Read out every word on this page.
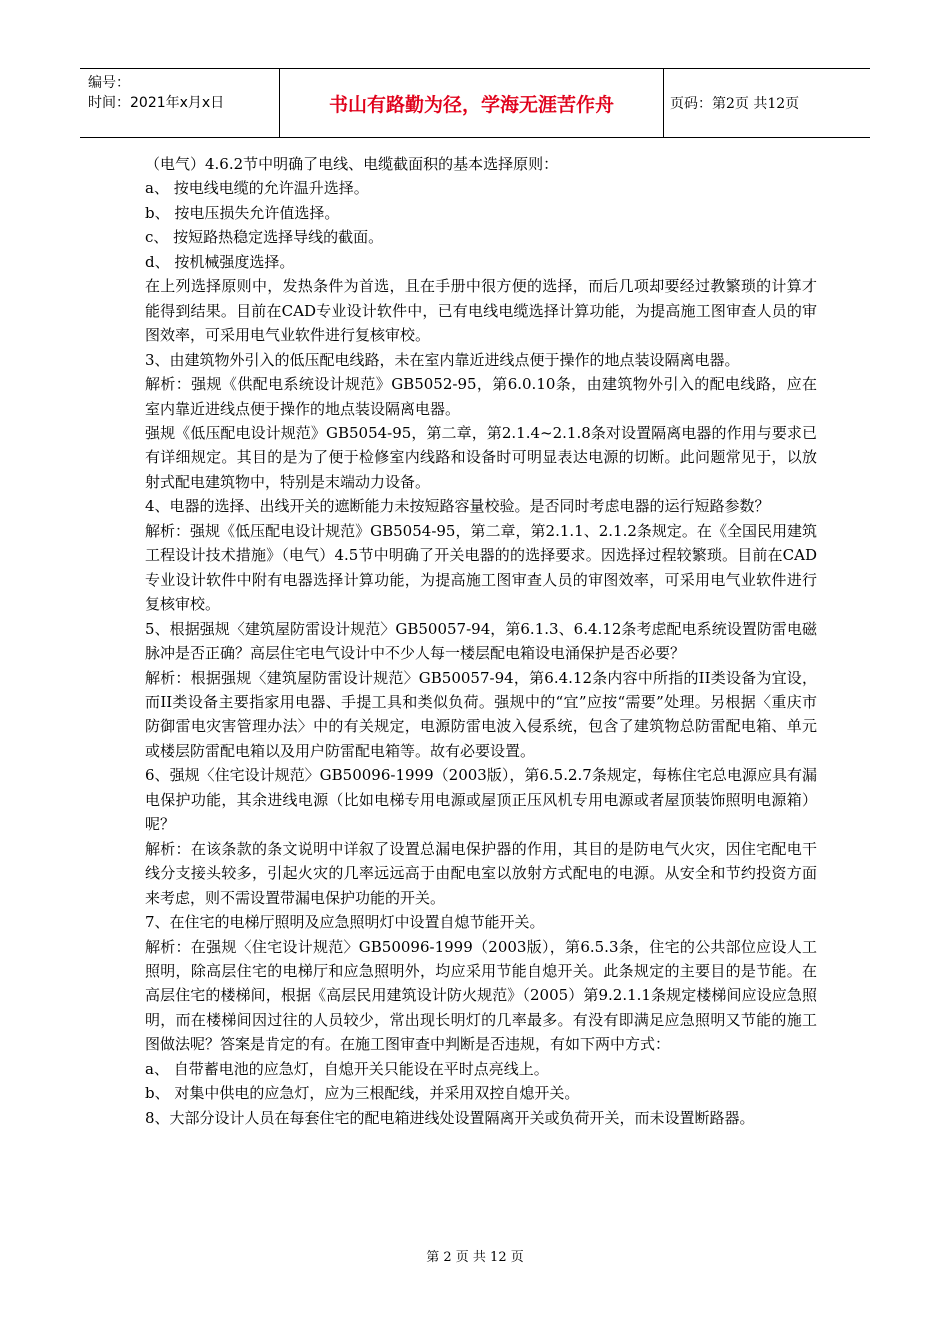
编号：
时间：2021年x月x日	书山有路勤为径，学海无涯苦作舟	页码：第2页 共12页

（电气）4.6.2节中明确了电线、电缆截面积的基本选择原则：

a、 按电线电缆的允许温升选择。

b、 按电压损失允许值选择。

c、 按短路热稳定选择导线的截面。

d、 按机械强度选择。

在上列选择原则中，发热条件为首选，且在手册中很方便的选择，而后几项却要经过教繁琐的计算才能得到结果。目前在CAD专业设计软件中，已有电线电缆选择计算功能，为提高施工图审查人员的审图效率，可采用电气业软件进行复核审校。

3、由建筑物外引入的低压配电线路，未在室内靠近进线点便于操作的地点装设隔离电器。

解析：强规《供配电系统设计规范》GB5052-95，第6.0.10条，由建筑物外引入的配电线路，应在室内靠近进线点便于操作的地点装设隔离电器。

强规《低压配电设计规范》GB5054-95，第二章，第2.1.4~2.1.8条对设置隔离电器的作用与要求已有详细规定。其目的是为了便于检修室内线路和设备时可明显表达电源的切断。此问题常见于，以放射式配电建筑物中，特别是末端动力设备。

4、电器的选择、出线开关的遮断能力未按短路容量校验。是否同时考虑电器的运行短路参数？

解析：强规《低压配电设计规范》GB5054-95，第二章，第2.1.1、2.1.2条规定。在《全国民用建筑工程设计技术措施》（电气）4.5节中明确了开关电器的的选择要求。因选择过程较繁琐。目前在CAD专业设计软件中附有电器选择计算功能，为提高施工图审查人员的审图效率，可采用电气业软件进行复核审校。

5、根据强规〈建筑屋防雷设计规范〉GB50057-94，第6.1.3、6.4.12条考虑配电系统设置防雷电磁脉冲是否正确？高层住宅电气设计中不少人每一楼层配电箱设电涌保护是否必要？

解析：根据强规〈建筑屋防雷设计规范〉GB50057-94，第6.4.12条内容中所指的II类设备为宜设，而II类设备主要指家用电器、手提工具和类似负荷。强规中的“宜”应按“需要”处理。另根据〈重庆市防御雷电灾害管理办法〉中的有关规定，电源防雷电波入侵系统，包含了建筑物总防雷配电箱、单元或楼层防雷配电箱以及用户防雷配电箱等。故有必要设置。

6、强规〈住宅设计规范〉GB50096-1999（2003版），第6.5.2.7条规定，每栋住宅总电源应具有漏电保护功能，其余进线电源（比如电梯专用电源或屋顶正压风机专用电源或者屋顶装饰照明电源箱）呢？

解析：在该条款的条文说明中详叙了设置总漏电保护器的作用，其目的是防电气火灾，因住宅配电干线分支接头较多，引起火灾的几率远远高于由配电室以放射方式配电的电源。从安全和节约投资方面来考虑，则不需设置带漏电保护功能的开关。

7、在住宅的电梯厅照明及应急照明灯中设置自熄节能开关。

解析：在强规〈住宅设计规范〉GB50096-1999（2003版），第6.5.3条，住宅的公共部位应设人工照明，除高层住宅的电梯厅和应急照明外，均应采用节能自熄开关。此条规定的主要目的是节能。在高层住宅的楼梯间，根据《高层民用建筑设计防火规范》（2005）第9.2.1.1条规定楼梯间应设应急照明，而在楼梯间因过往的人员较少，常出现长明灯的几率最多。有没有即满足应急照明又节能的施工图做法呢？答案是肯定的有。在施工图审查中判断是否违规，有如下两中方式：

a、 自带蓄电池的应急灯，自熄开关只能设在平时点亮线上。

b、 对集中供电的应急灯，应为三根配线，并采用双控自熄开关。

8、大部分设计人员在每套住宅的配电箱进线处设置隔离开关或负荷开关，而未设置断路器。

第 2 页 共 12 页
